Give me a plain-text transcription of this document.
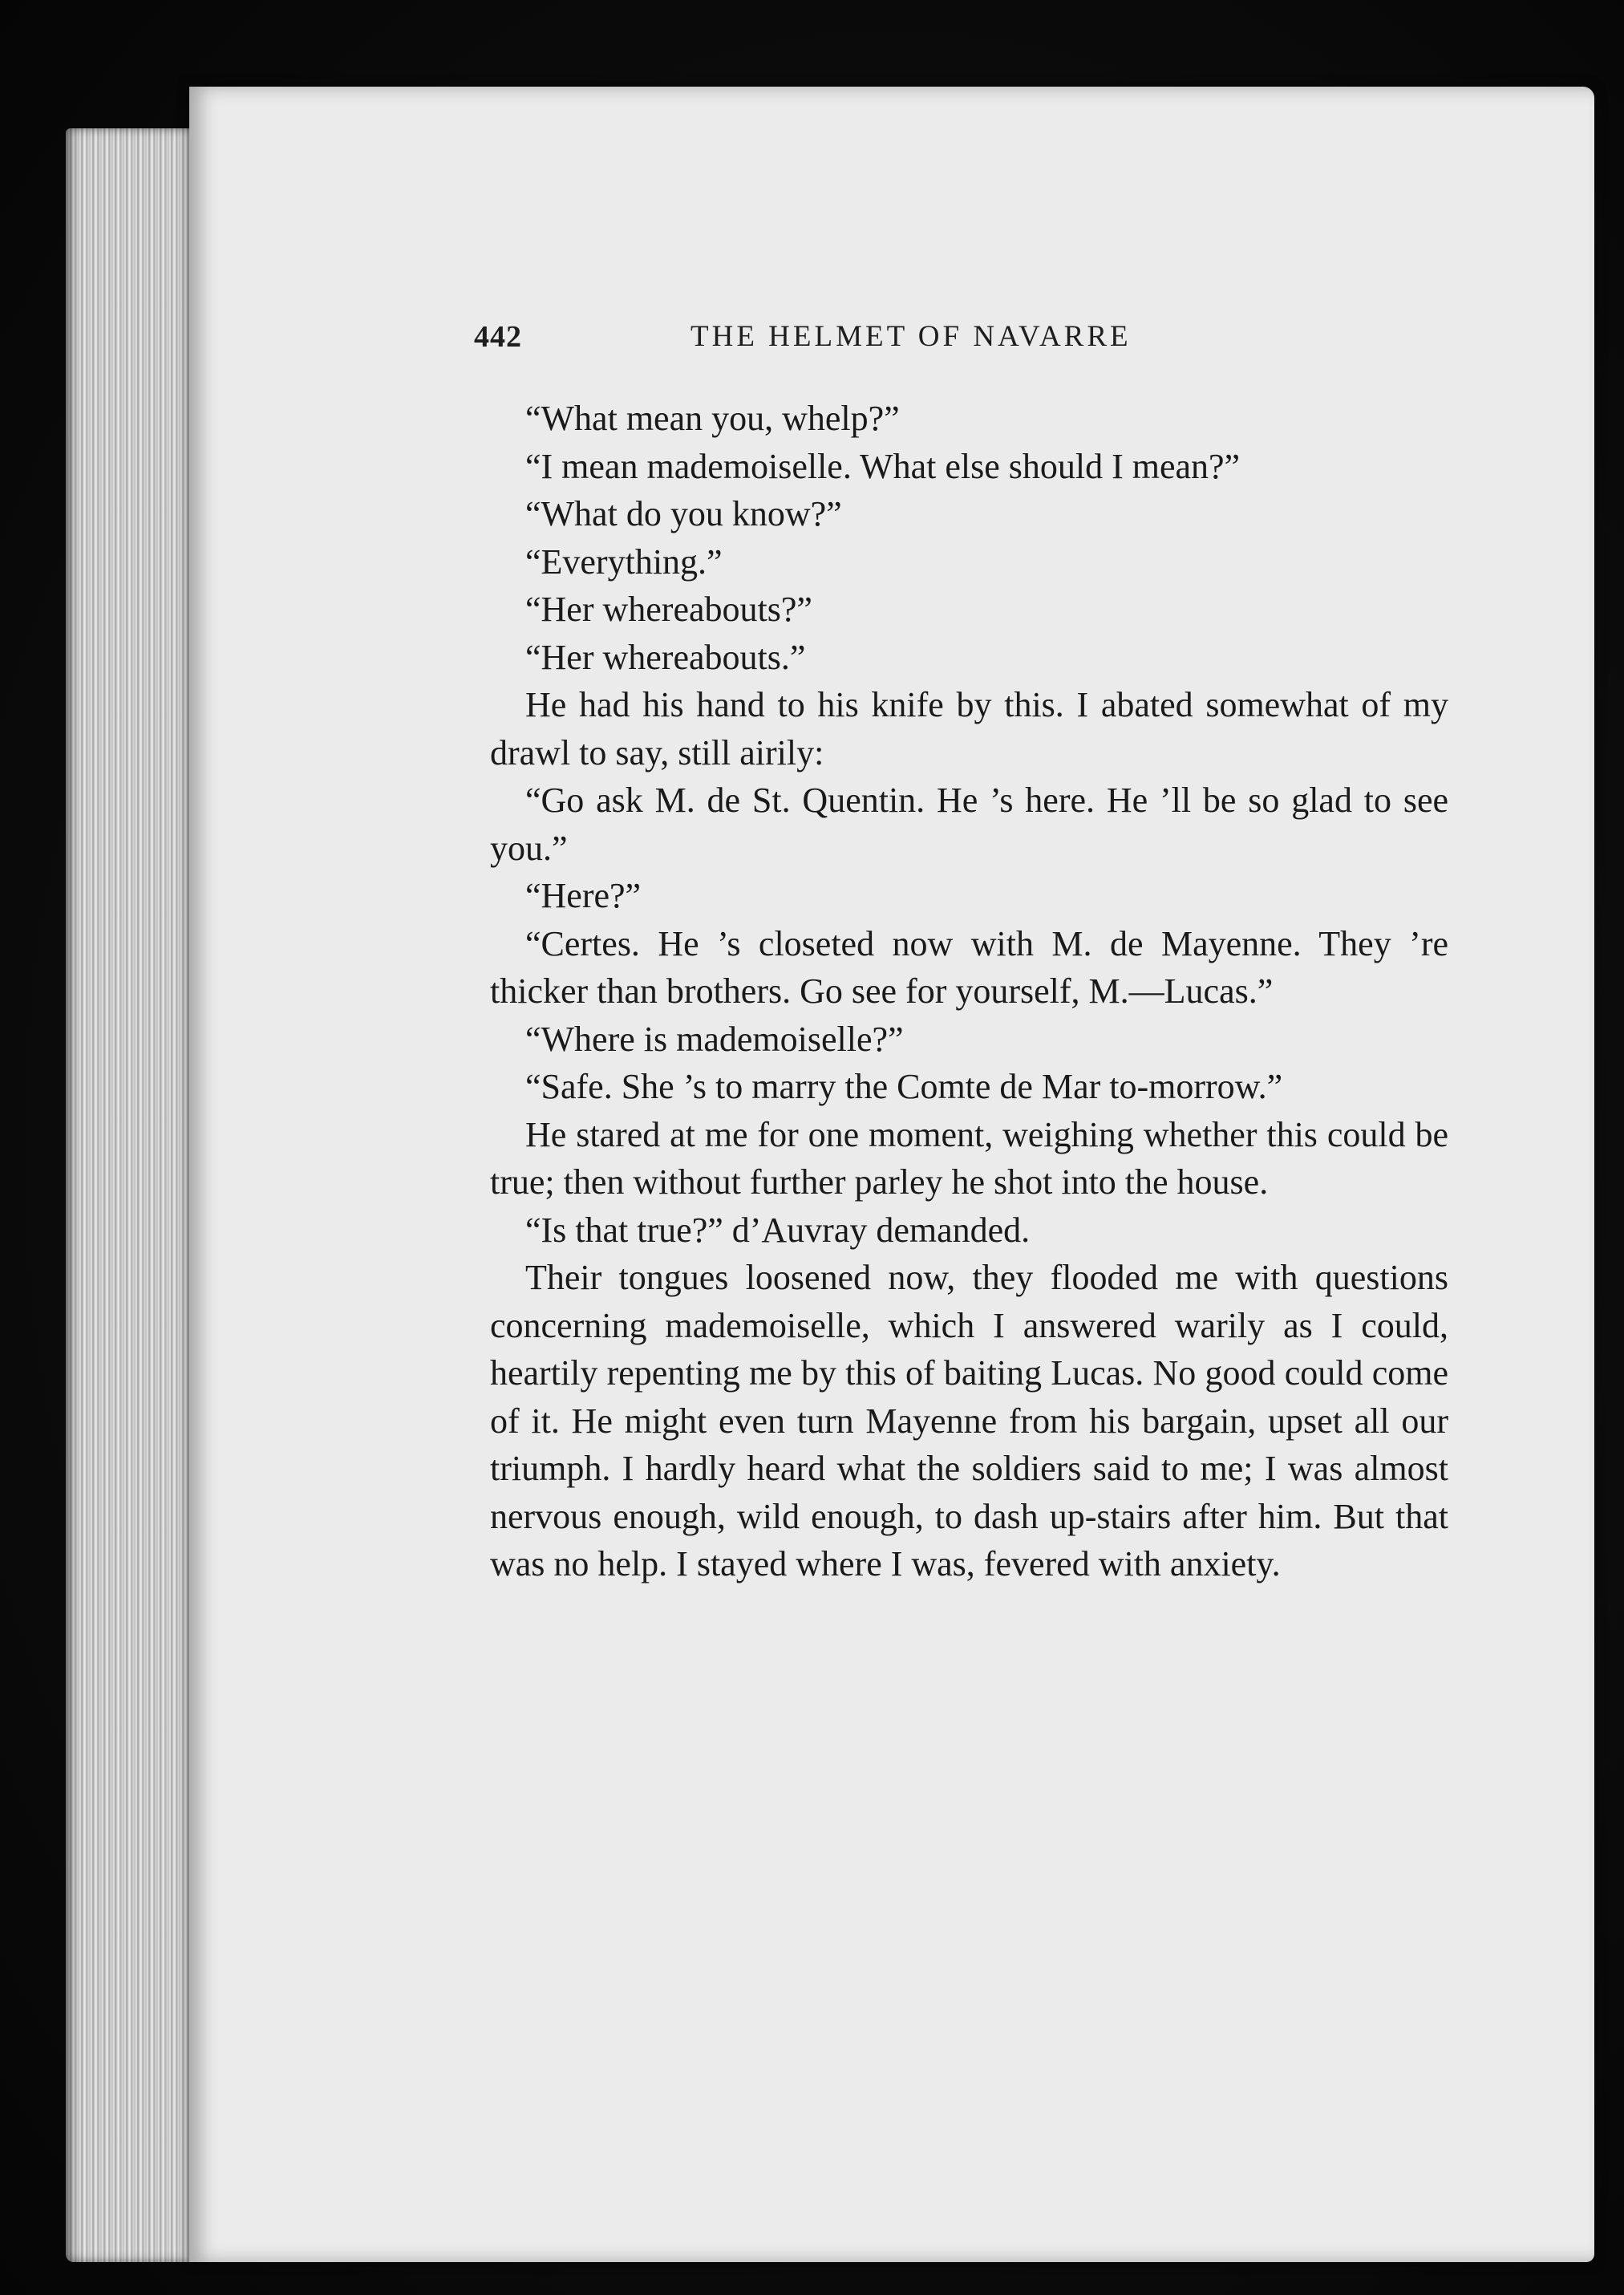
442	THE HELMET OF NAVARRE

“What mean you, whelp?”

“I mean mademoiselle. What else should I mean?”

“What do you know?”

“Everything.”

“Her whereabouts?”

“Her whereabouts.”

He had his hand to his knife by this. I abated somewhat of my drawl to say, still airily:

“Go ask M. de St. Quentin. He ’s here. He ’ll be so glad to see you.”

“Here?”

“Certes. He ’s closeted now with M. de Mayenne. They ’re thicker than brothers. Go see for yourself, M.—Lucas.”

“Where is mademoiselle?”

“Safe. She ’s to marry the Comte de Mar to-morrow.”

He stared at me for one moment, weighing whether this could be true; then without further parley he shot into the house.

“Is that true?” d’Auvray demanded.

Their tongues loosened now, they flooded me with questions concerning mademoiselle, which I answered warily as I could, heartily repenting me by this of baiting Lucas. No good could come of it. He might even turn Mayenne from his bargain, upset all our triumph. I hardly heard what the soldiers said to me; I was almost nervous enough, wild enough, to dash up-stairs after him. But that was no help. I stayed where I was, fevered with anxiety.
